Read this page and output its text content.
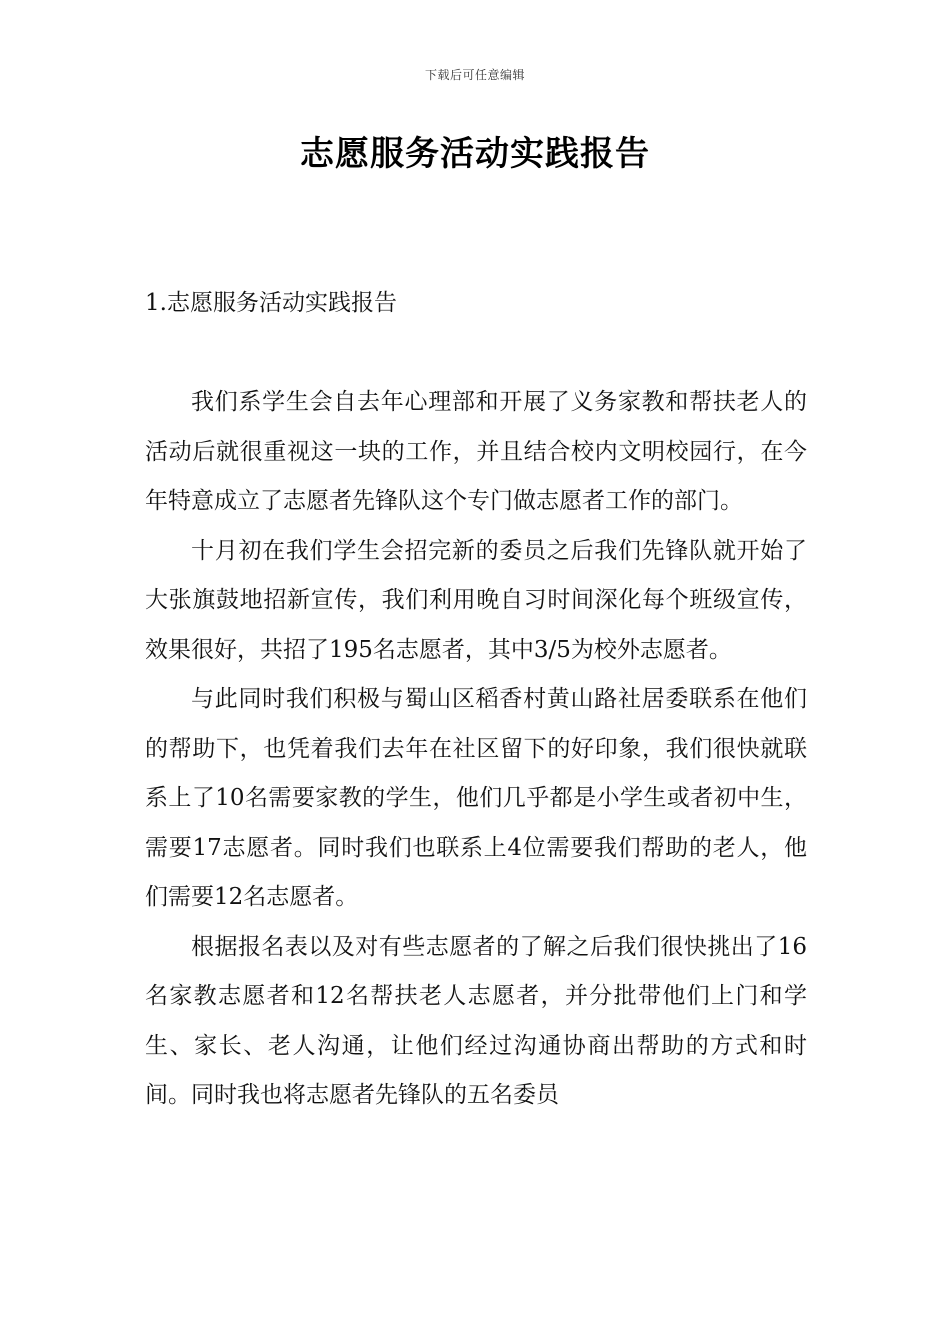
下载后可任意编辑
志愿服务活动实践报告
1.志愿服务活动实践报告

我们系学生会自去年心理部和开展了义务家教和帮扶老人的活动后就很重视这一块的工作，并且结合校内文明校园行，在今年特意成立了志愿者先锋队这个专门做志愿者工作的部门。

十月初在我们学生会招完新的委员之后我们先锋队就开始了大张旗鼓地招新宣传，我们利用晚自习时间深化每个班级宣传，效果很好，共招了195名志愿者，其中3/5为校外志愿者。

与此同时我们积极与蜀山区稻香村黄山路社居委联系在他们的帮助下，也凭着我们去年在社区留下的好印象，我们很快就联系上了10名需要家教的学生，他们几乎都是小学生或者初中生，需要17志愿者。同时我们也联系上4位需要我们帮助的老人，他们需要12名志愿者。

根据报名表以及对有些志愿者的了解之后我们很快挑出了16名家教志愿者和12名帮扶老人志愿者，并分批带他们上门和学生、家长、老人沟通，让他们经过沟通协商出帮助的方式和时间。同时我也将志愿者先锋队的五名委员
